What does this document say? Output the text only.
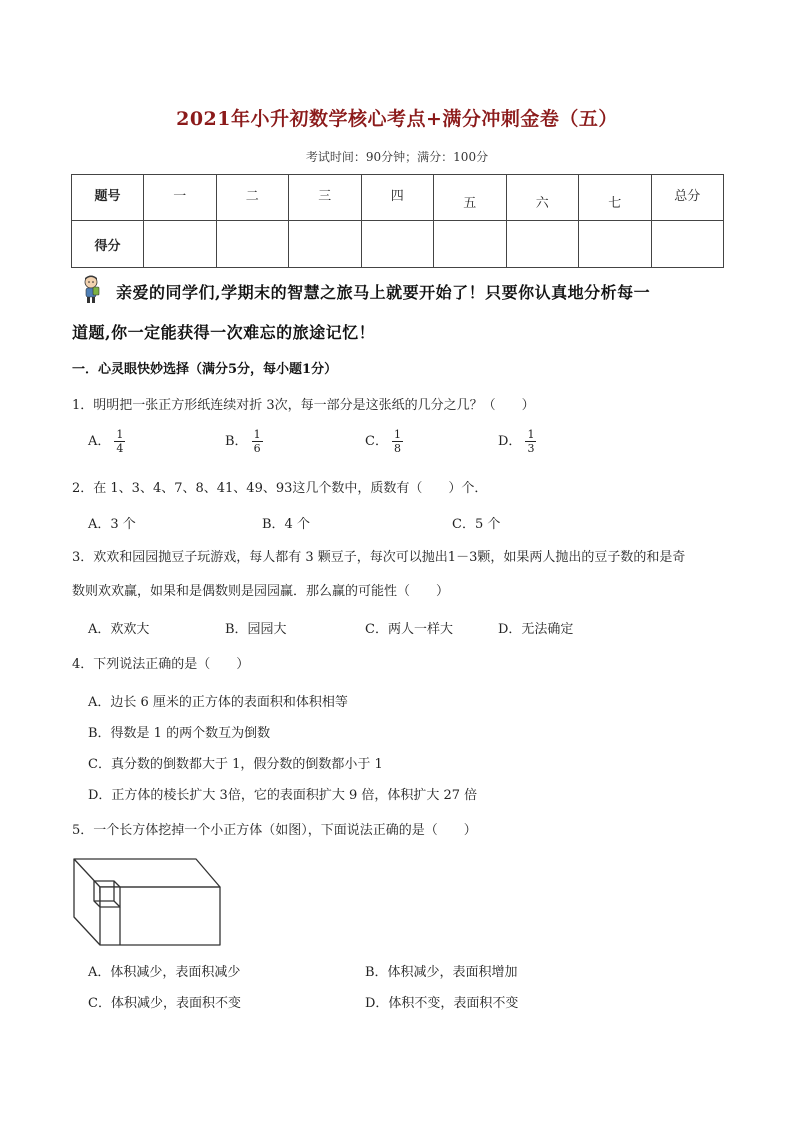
2021年小升初数学核心考点+满分冲刺金卷（五）
考试时间：90分钟；满分：100分
题号	一	二	三	四	五	六	七	总分
得分								
亲爱的同学们,学期末的智慧之旅马上就要开始了！只要你认真地分析每一
道题,你一定能获得一次难忘的旅途记忆！
一．心灵眼快妙选择（满分5分，每小题1分）
1．明明把一张正方形纸连续对折 3次，每一部分是这张纸的几分之几？（　　）
A． $\frac{1}{4}$	B． $\frac{1}{6}$	C． $\frac{1}{8}$	D． $\frac{1}{3}$
2．在 1、3、4、7、8、41、49、93这几个数中，质数有（　　）个．
A．3 个	B．4 个	C．5 个
3．欢欢和园园抛豆子玩游戏，每人都有 3 颗豆子，每次可以抛出1－3颗，如果两人抛出的豆子数的和是奇
数则欢欢赢，如果和是偶数则是园园赢．那么赢的可能性（　　）
A．欢欢大	B．园园大	C．两人一样大	D．无法确定
4．下列说法正确的是（　　）
A．边长 6 厘米的正方体的表面积和体积相等
B．得数是 1 的两个数互为倒数
C．真分数的倒数都大于 1，假分数的倒数都小于 1
D．正方体的棱长扩大 3倍，它的表面积扩大 9 倍，体积扩大 27 倍
5．一个长方体挖掉一个小正方体（如图），下面说法正确的是（　　）
A．体积减少，表面积减少	B．体积减少，表面积增加
C．体积减少，表面积不变	D．体积不变，表面积不变
